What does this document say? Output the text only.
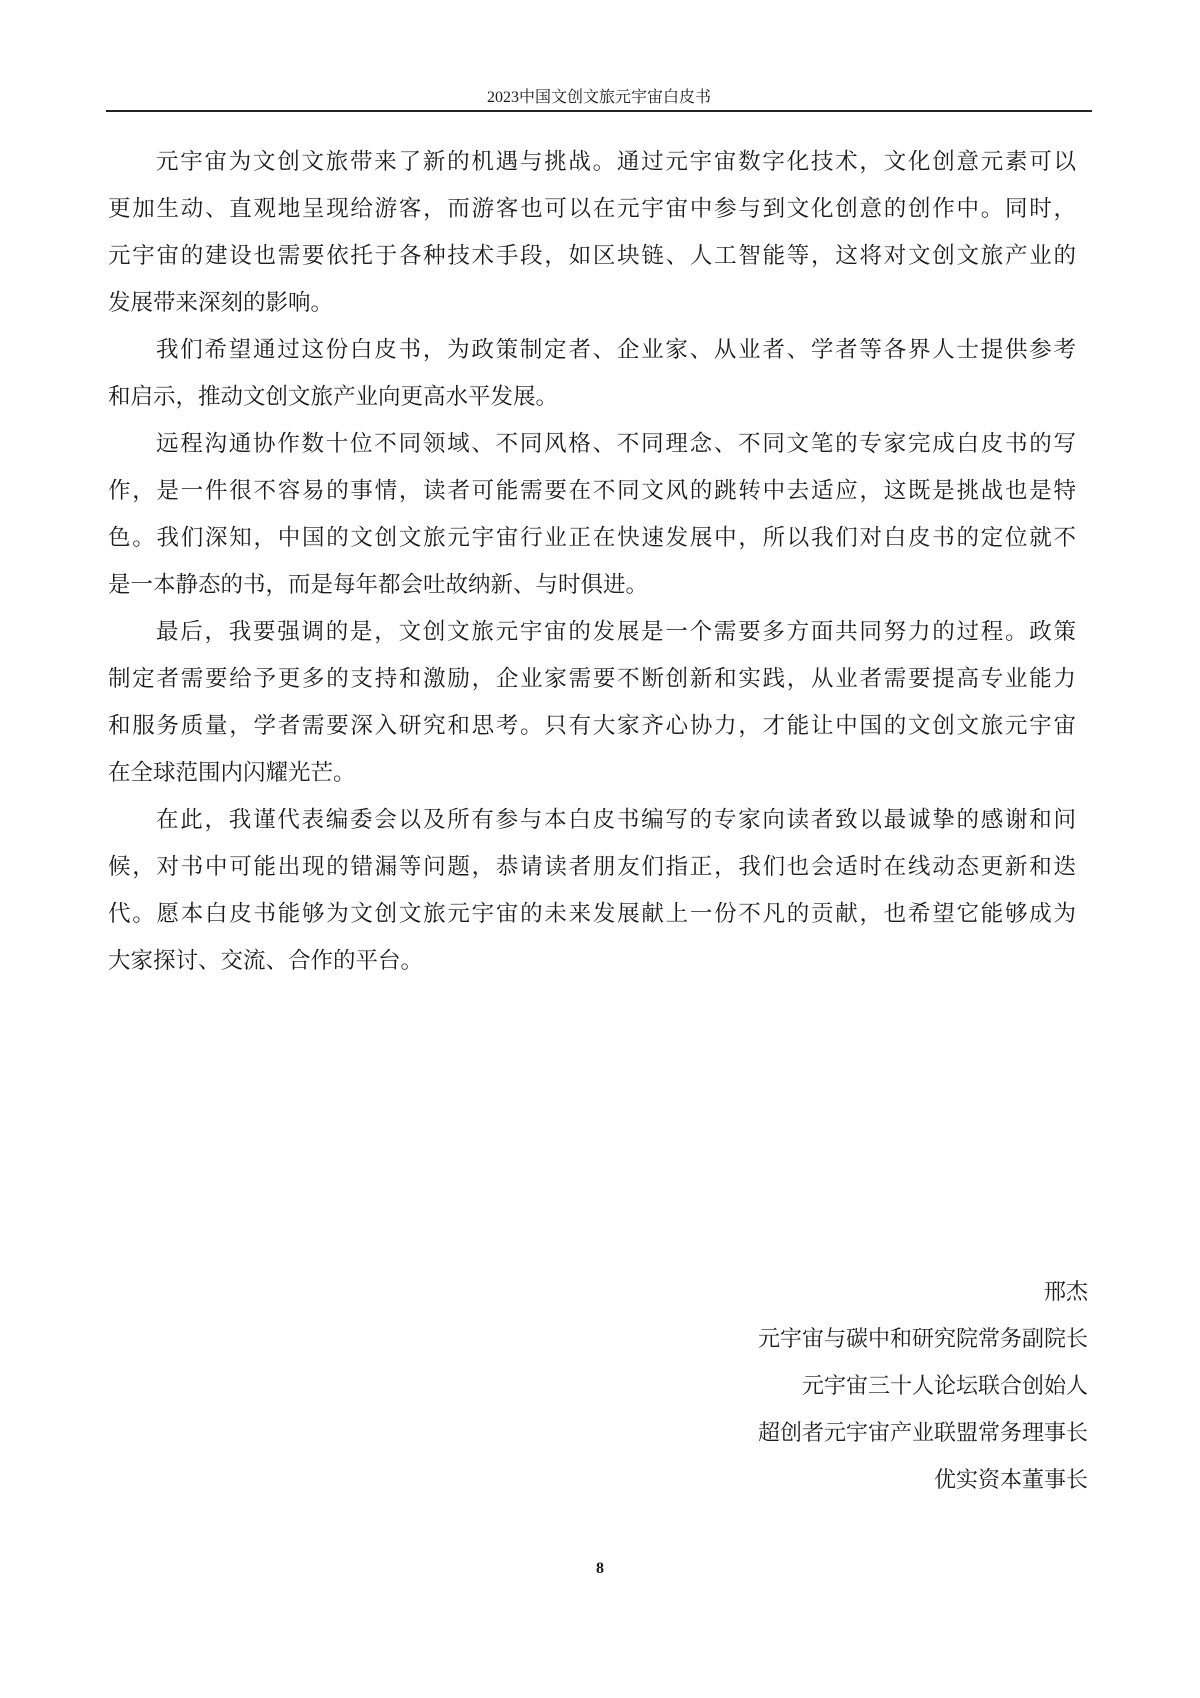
2023中国文创文旅元宇宙白皮书
元宇宙为文创文旅带来了新的机遇与挑战。通过元宇宙数字化技术，文化创意元素可以
更加生动、直观地呈现给游客，而游客也可以在元宇宙中参与到文化创意的创作中。同时，
元宇宙的建设也需要依托于各种技术手段，如区块链、人工智能等，这将对文创文旅产业的
发展带来深刻的影响。
我们希望通过这份白皮书，为政策制定者、企业家、从业者、学者等各界人士提供参考
和启示，推动文创文旅产业向更高水平发展。
远程沟通协作数十位不同领域、不同风格、不同理念、不同文笔的专家完成白皮书的写
作，是一件很不容易的事情，读者可能需要在不同文风的跳转中去适应，这既是挑战也是特
色。我们深知，中国的文创文旅元宇宙行业正在快速发展中，所以我们对白皮书的定位就不
是一本静态的书，而是每年都会吐故纳新、与时俱进。
最后，我要强调的是，文创文旅元宇宙的发展是一个需要多方面共同努力的过程。政策
制定者需要给予更多的支持和激励，企业家需要不断创新和实践，从业者需要提高专业能力
和服务质量，学者需要深入研究和思考。只有大家齐心协力，才能让中国的文创文旅元宇宙
在全球范围内闪耀光芒。
在此，我谨代表编委会以及所有参与本白皮书编写的专家向读者致以最诚挚的感谢和问
候，对书中可能出现的错漏等问题，恭请读者朋友们指正，我们也会适时在线动态更新和迭
代。愿本白皮书能够为文创文旅元宇宙的未来发展献上一份不凡的贡献，也希望它能够成为
大家探讨、交流、合作的平台。
邢杰
元宇宙与碳中和研究院常务副院长
元宇宙三十人论坛联合创始人
超创者元宇宙产业联盟常务理事长
优实资本董事长
8
